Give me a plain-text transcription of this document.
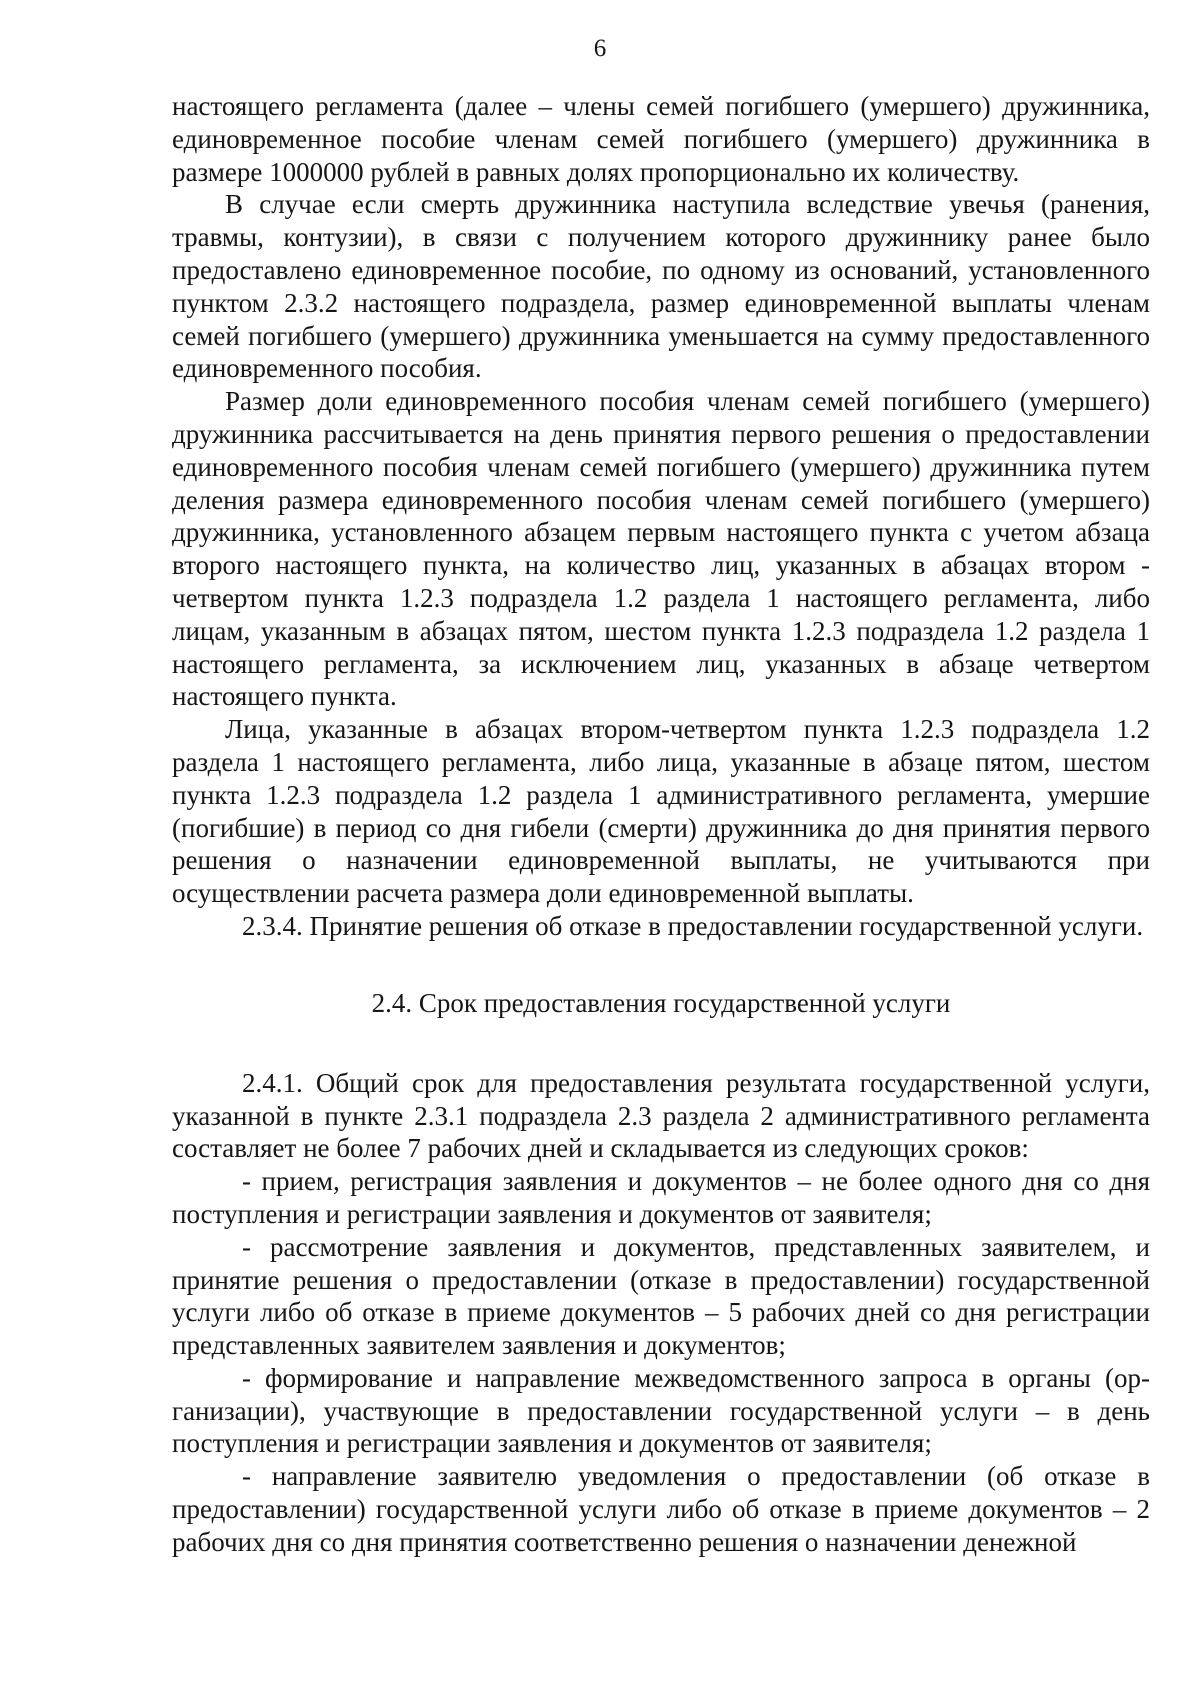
6

настоящего регламента (далее – члены семей погибшего (умершего) дружинника, единовременное пособие членам семей погибшего (умершего) дружинника в размере 1000000 рублей в равных долях пропорционально их количеству.

В случае если смерть дружинника наступила вследствие увечья (ранения, травмы, контузии), в связи с получением которого дружиннику ранее было предоставлено единовременное пособие, по одному из оснований, установленного пунктом 2.3.2 настоящего подраздела, размер единовременной выплаты членам семей погибшего (умершего) дружинника уменьшается на сумму предоставленного единовременного пособия.

Размер доли единовременного пособия членам семей погибшего (умершего) дружинника рассчитывается на день принятия первого решения о предоставлении единовременного пособия членам семей погибшего (умершего) дружинника путем деления размера единовременного пособия членам семей погибшего (умершего) дружинника, установленного абзацем первым настоящего пункта с учетом абзаца второго настоящего пункта, на количество лиц, указанных в абзацах втором - четвертом пункта 1.2.3 подраздела 1.2 раздела 1 настоящего регламента, либо лицам, указанным в абзацах пятом, шестом пункта 1.2.3 подраздела 1.2 раздела 1 настоящего регламента, за исключением лиц, указанных в абзаце четвертом настоящего пункта.

Лица, указанные в абзацах втором-четвертом пункта 1.2.3 подраздела 1.2 раздела 1 настоящего регламента, либо лица, указанные в абзаце пятом, шестом пункта 1.2.3 подраздела 1.2 раздела 1 административного регламента, умершие (погибшие) в период со дня гибели (смерти) дружинника до дня принятия первого решения о назначении единовременной выплаты, не учитываются при осуществлении расчета размера доли единовременной выплаты.

2.3.4. Принятие решения об отказе в предоставлении государственной услуги.

2.4. Срок предоставления государственной услуги

2.4.1. Общий срок для предоставления результата государственной услуги, указанной в пункте 2.3.1 подраздела 2.3 раздела 2 административного регламента составляет не более 7 рабочих дней и складывается из следующих сроков:

- прием, регистрация заявления и документов – не более одного дня со дня поступления и регистрации заявления и документов от заявителя;

- рассмотрение заявления и документов, представленных заявителем, и принятие решения о предоставлении (отказе в предоставлении) государственной услуги либо об отказе в приеме документов – 5 рабочих дней со дня регистрации представленных заявителем заявления и документов;

- формирование и направление межведомственного запроса в органы (организации), участвующие в предоставлении государственной услуги – в день поступления и регистрации заявления и документов от заявителя;

- направление заявителю уведомления о предоставлении (об отказе в предоставлении) государственной услуги либо об отказе в приеме документов – 2 рабочих дня со дня принятия соответственно решения о назначении денежной
